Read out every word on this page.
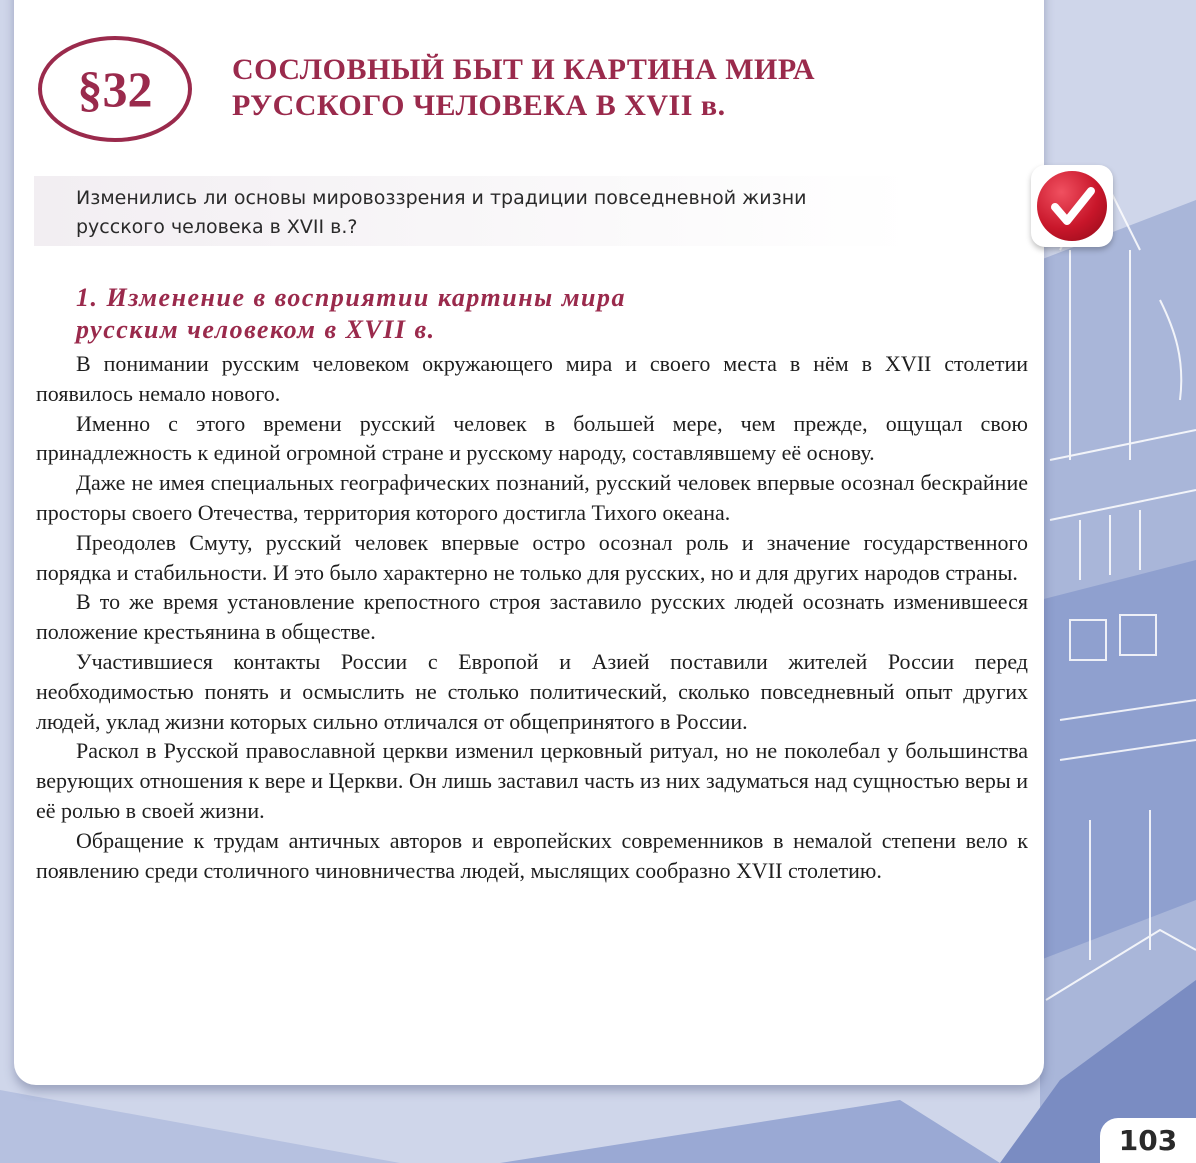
§32	СОСЛОВНЫЙ БЫТ И КАРТИНА МИРА
РУССКОГО ЧЕЛОВЕКА В XVII в.
Изменились ли основы мировоззрения и традиции повседневной жизни
русского человека в XVII в.?
1. Изменение в восприятии картины мира
русским человеком в XVII в.

В понимании русским человеком окружающего мира и своего места в нём в XVII столетии появилось немало нового.

Именно с этого времени русский человек в большей мере, чем прежде, ощущал свою принадлежность к единой огромной стране и русскому народу, составлявшему её основу.

Даже не имея специальных географических познаний, русский человек впервые осознал бескрайние просторы своего Отечества, территория которого достигла Тихого океана.

Преодолев Смуту, русский человек впервые остро осознал роль и значение государственного порядка и стабильности. И это было характерно не только для русских, но и для других народов страны.

В то же время установление крепостного строя заставило русских людей осознать изменившееся положение крестьянина в обществе.

Участившиеся контакты России с Европой и Азией поставили жителей России перед необходимостью понять и осмыслить не столько политический, сколько повседневный опыт других людей, уклад жизни которых сильно отличался от общепринятого в России.

Раскол в Русской православной церкви изменил церковный ритуал, но не поколебал у большинства верующих отношения к вере и Церкви. Он лишь заставил часть из них задуматься над сущностью веры и её ролью в своей жизни.

Обращение к трудам античных авторов и европейских современников в немалой степени вело к появлению среди столичного чиновничества людей, мыслящих сообразно XVII столетию.

103
